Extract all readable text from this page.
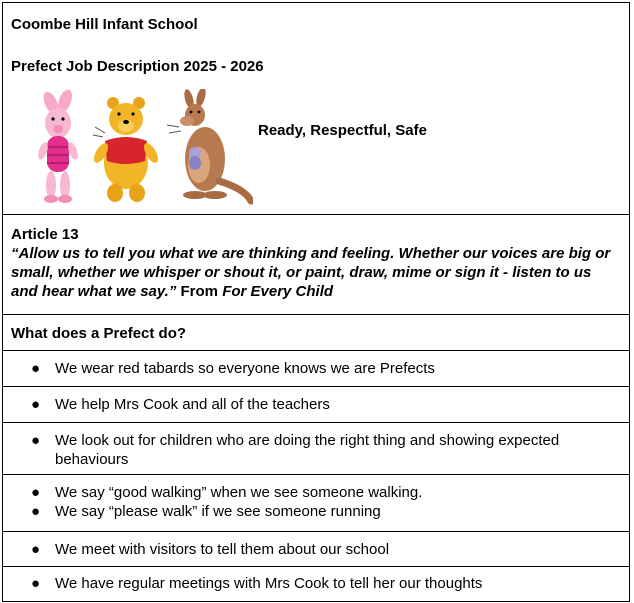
Coombe Hill Infant School
Prefect Job Description 2025 - 2026
Ready, Respectful, Safe
Article 13
“Allow us to tell you what we are thinking and feeling. Whether our voices are big or small, whether we whisper or shout it, or paint, draw, mime or sign it - listen to us and hear what we say.” From For Every Child
What does a Prefect do?
● We wear red tabards so everyone knows we are Prefects
● We help Mrs Cook and all of the teachers
● We look out for children who are doing the right thing and showing expected behaviours
● We say “good walking” when we see someone walking.
● We say “please walk” if we see someone running
● We meet with visitors to tell them about our school
● We have regular meetings with Mrs Cook to tell her our thoughts
